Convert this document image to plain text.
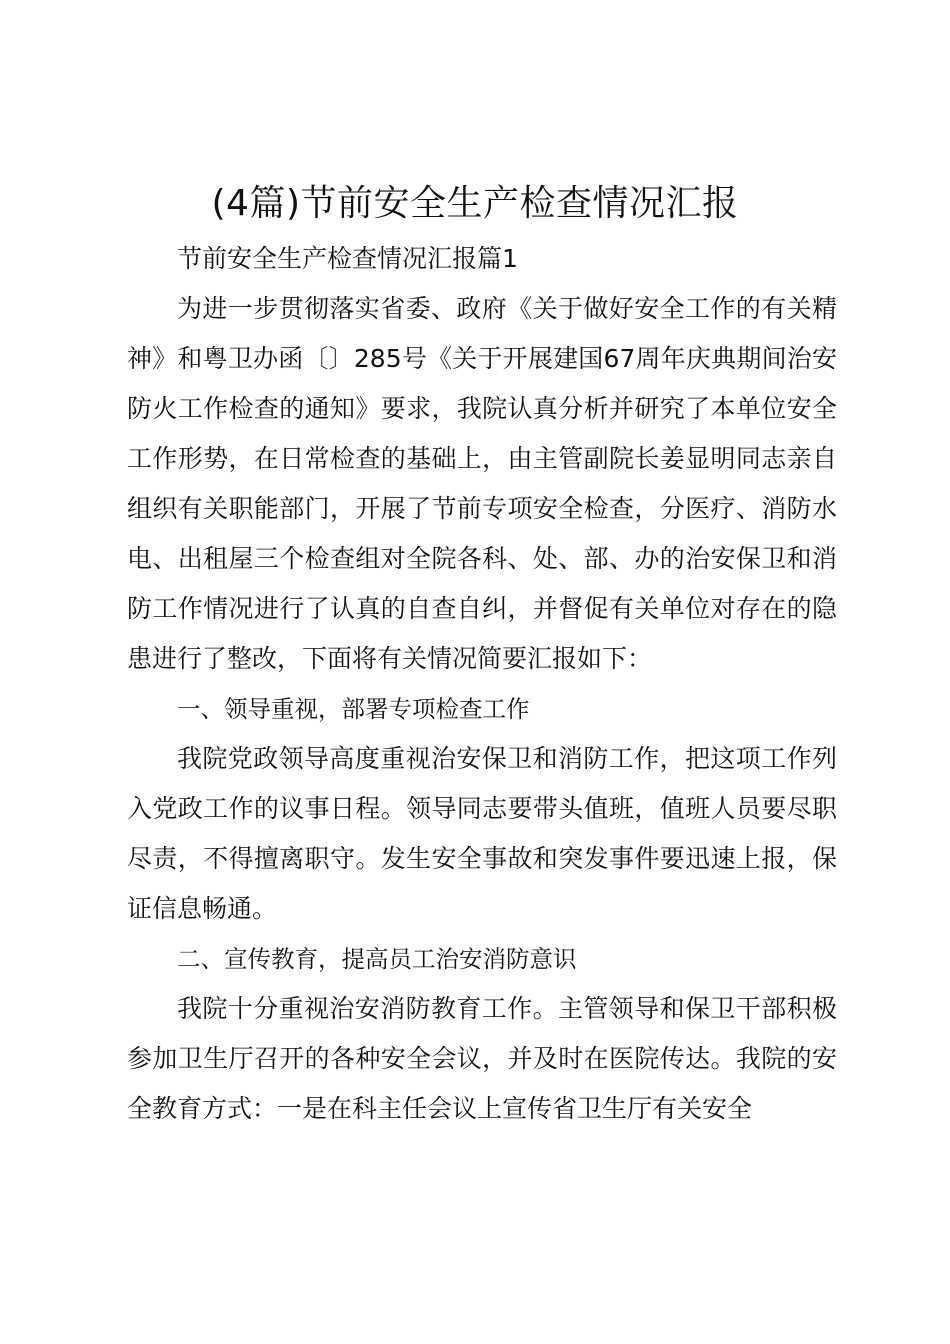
(4篇)节前安全生产检查情况汇报

节前安全生产检查情况汇报篇1

为进一步贯彻落实省委、政府《关于做好安全工作的有关精神》和粤卫办函〔〕285号《关于开展建国67周年庆典期间治安防火工作检查的通知》要求，我院认真分析并研究了本单位安全工作形势，在日常检查的基础上，由主管副院长姜显明同志亲自组织有关职能部门，开展了节前专项安全检查，分医疗、消防水电、出租屋三个检查组对全院各科、处、部、办的治安保卫和消防工作情况进行了认真的自查自纠，并督促有关单位对存在的隐患进行了整改，下面将有关情况简要汇报如下：

一、领导重视，部署专项检查工作

我院党政领导高度重视治安保卫和消防工作，把这项工作列入党政工作的议事日程。领导同志要带头值班，值班人员要尽职尽责，不得擅离职守。发生安全事故和突发事件要迅速上报，保证信息畅通。

二、宣传教育，提高员工治安消防意识

我院十分重视治安消防教育工作。主管领导和保卫干部积极参加卫生厅召开的各种安全会议，并及时在医院传达。我院的安全教育方式：一是在科主任会议上宣传省卫生厅有关安全
